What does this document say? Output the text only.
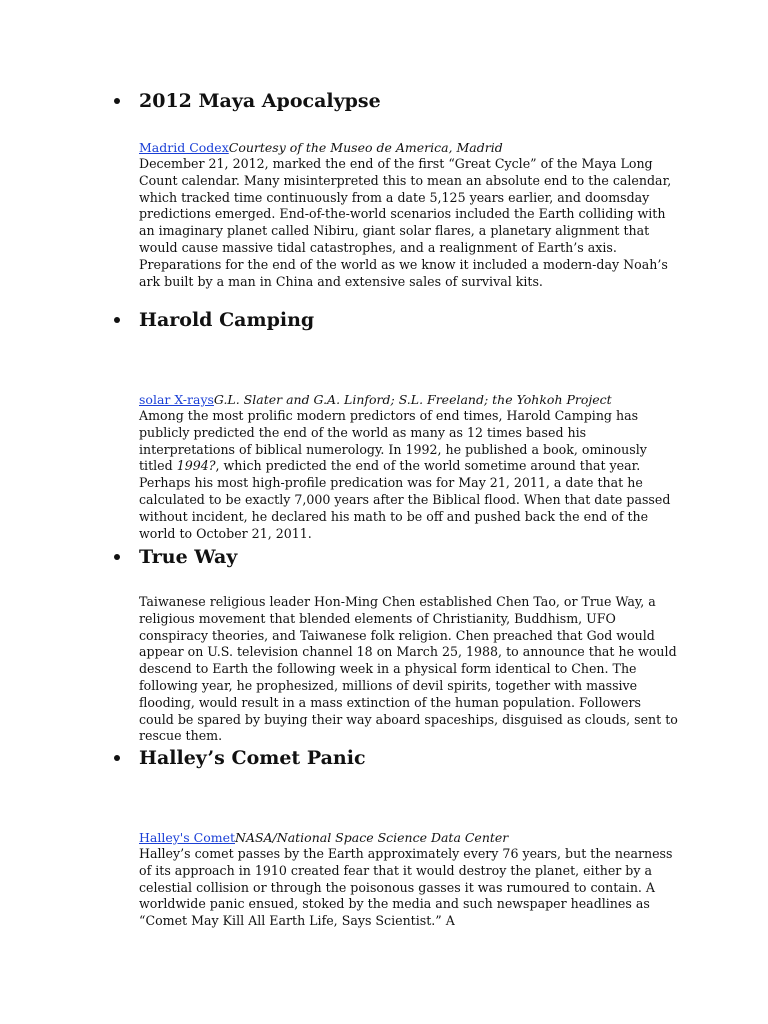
2012 Maya Apocalypse
Madrid CodexCourtesy of the Museo de America, Madrid

December 21, 2012, marked the end of the first “Great Cycle” of the Maya Long Count calendar. Many misinterpreted this to mean an absolute end to the calendar, which tracked time continuously from a date 5,125 years earlier, and doomsday predictions emerged. End-of-the-world scenarios included the Earth colliding with an imaginary planet called Nibiru, giant solar flares, a planetary alignment that would cause massive tidal catastrophes, and a realignment of Earth’s axis. Preparations for the end of the world as we know it included a modern-day Noah’s ark built by a man in China and extensive sales of survival kits.

Harold Camping
solar X-raysG.L. Slater and G.A. Linford; S.L. Freeland; the Yohkoh Project

Among the most prolific modern predictors of end times, Harold Camping has publicly predicted the end of the world as many as 12 times based his interpretations of biblical numerology. In 1992, he published a book, ominously titled 1994?, which predicted the end of the world sometime around that year. Perhaps his most high-profile predication was for May 21, 2011, a date that he calculated to be exactly 7,000 years after the Biblical flood. When that date passed without incident, he declared his math to be off and pushed back the end of the world to October 21, 2011.

True Way

Taiwanese religious leader Hon-Ming Chen established Chen Tao, or True Way, a religious movement that blended elements of Christianity, Buddhism, UFO conspiracy theories, and Taiwanese folk religion. Chen preached that God would appear on U.S. television channel 18 on March 25, 1988, to announce that he would descend to Earth the following week in a physical form identical to Chen. The following year, he prophesized, millions of devil spirits, together with massive flooding, would result in a mass extinction of the human population. Followers could be spared by buying their way aboard spaceships, disguised as clouds, sent to rescue them.

Halley’s Comet Panic
Halley's CometNASA/National Space Science Data Center

Halley’s comet passes by the Earth approximately every 76 years, but the nearness of its approach in 1910 created fear that it would destroy the planet, either by a celestial collision or through the poisonous gasses it was rumoured to contain. A worldwide panic ensued, stoked by the media and such newspaper headlines as “Comet May Kill All Earth Life, Says Scientist.” A
